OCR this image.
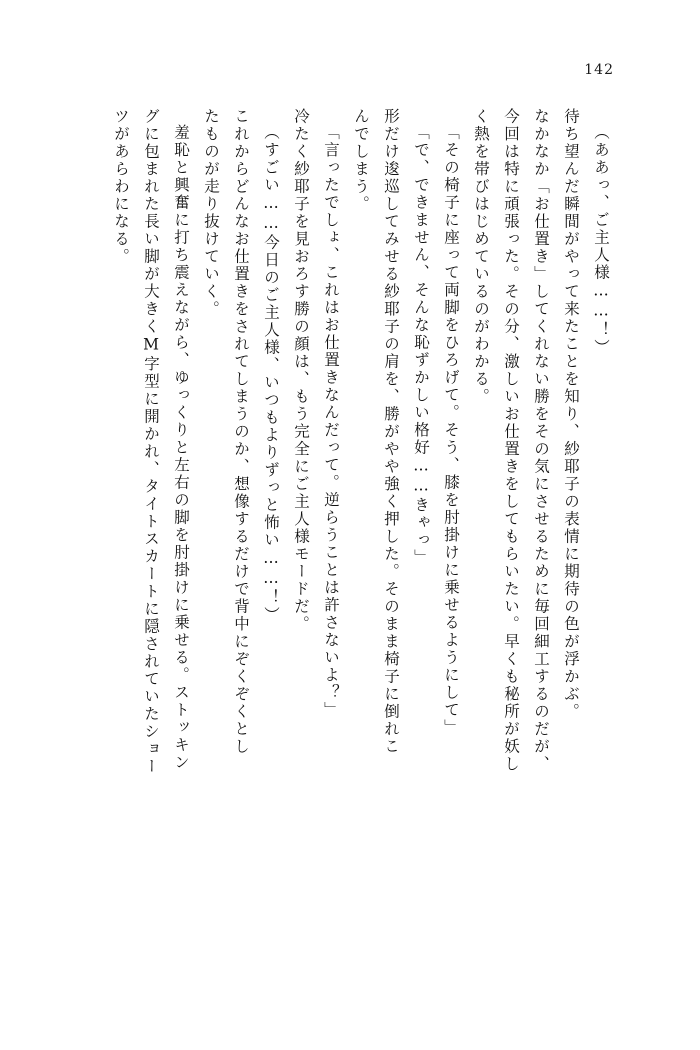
142
（ああっ、ご主人様……！）
待ち望んだ瞬間がやって来たことを知り、紗耶子の表情に期待の色が浮かぶ。
なかなか「お仕置き」してくれない勝をその気にさせるために毎回細工するのだが、
今回は特に頑張った。その分、激しいお仕置きをしてもらいたい。早くも秘所が妖し
く熱を帯びはじめているのがわかる。
「その椅子に座って両脚をひろげて。そう、膝を肘掛けに乗せるようにして」
「で、できません、そんな恥ずかしい格好……きゃっ」
形だけ逡巡してみせる紗耶子の肩を、勝がやや強く押した。そのまま椅子に倒れこ
んでしまう。
「言ったでしょ、これはお仕置きなんだって。逆らうことは許さないよ？」
冷たく紗耶子を見おろす勝の顔は、もう完全にご主人様モードだ。
（すごい……今日のご主人様、いつもよりずっと怖い……！）
これからどんなお仕置きをされてしまうのか、想像するだけで背中にぞくぞくとし
たものが走り抜けていく。
羞恥と興奮に打ち震えながら、ゆっくりと左右の脚を肘掛けに乗せる。ストッキン
グに包まれた長い脚が大きくM字型に開かれ、タイトスカートに隠されていたショー
ツがあらわになる。
